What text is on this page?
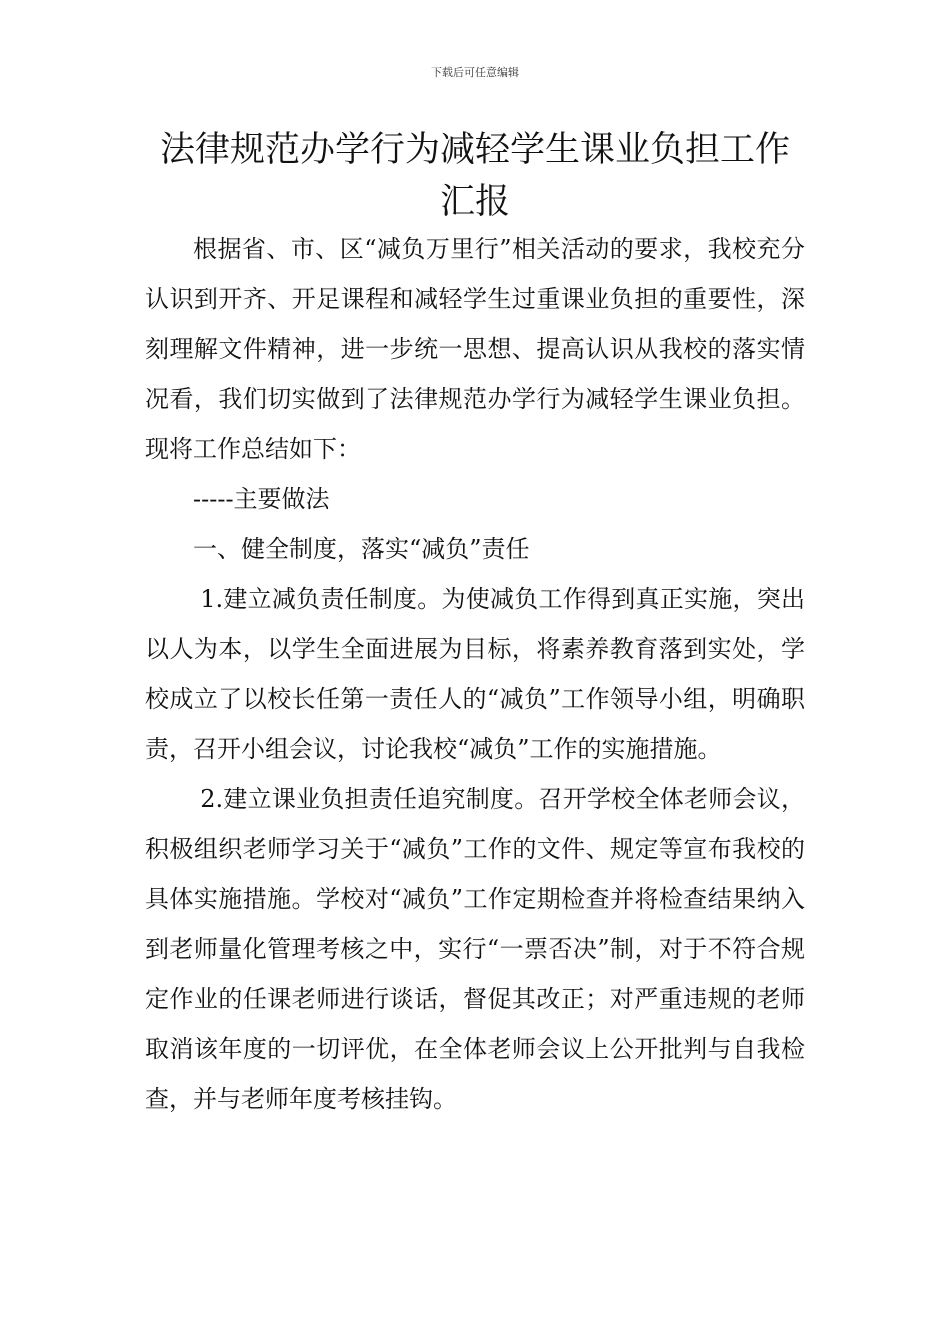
下载后可任意编辑
法律规范办学行为减轻学生课业负担工作汇报

根据省、市、区“减负万里行”相关活动的要求，我校充分认识到开齐、开足课程和减轻学生过重课业负担的重要性，深刻理解文件精神，进一步统一思想、提高认识从我校的落实情况看，我们切实做到了法律规范办学行为减轻学生课业负担。现将工作总结如下：

-----主要做法

一、健全制度，落实“减负”责任

1.建立减负责任制度。为使减负工作得到真正实施，突出以人为本，以学生全面进展为目标，将素养教育落到实处，学校成立了以校长任第一责任人的“减负”工作领导小组，明确职责，召开小组会议，讨论我校“减负”工作的实施措施。

2.建立课业负担责任追究制度。召开学校全体老师会议，积极组织老师学习关于“减负”工作的文件、规定等宣布我校的具体实施措施。学校对“减负”工作定期检查并将检查结果纳入到老师量化管理考核之中，实行“一票否决”制，对于不符合规定作业的任课老师进行谈话，督促其改正；对严重违规的老师取消该年度的一切评优，在全体老师会议上公开批判与自我检查，并与老师年度考核挂钩。
